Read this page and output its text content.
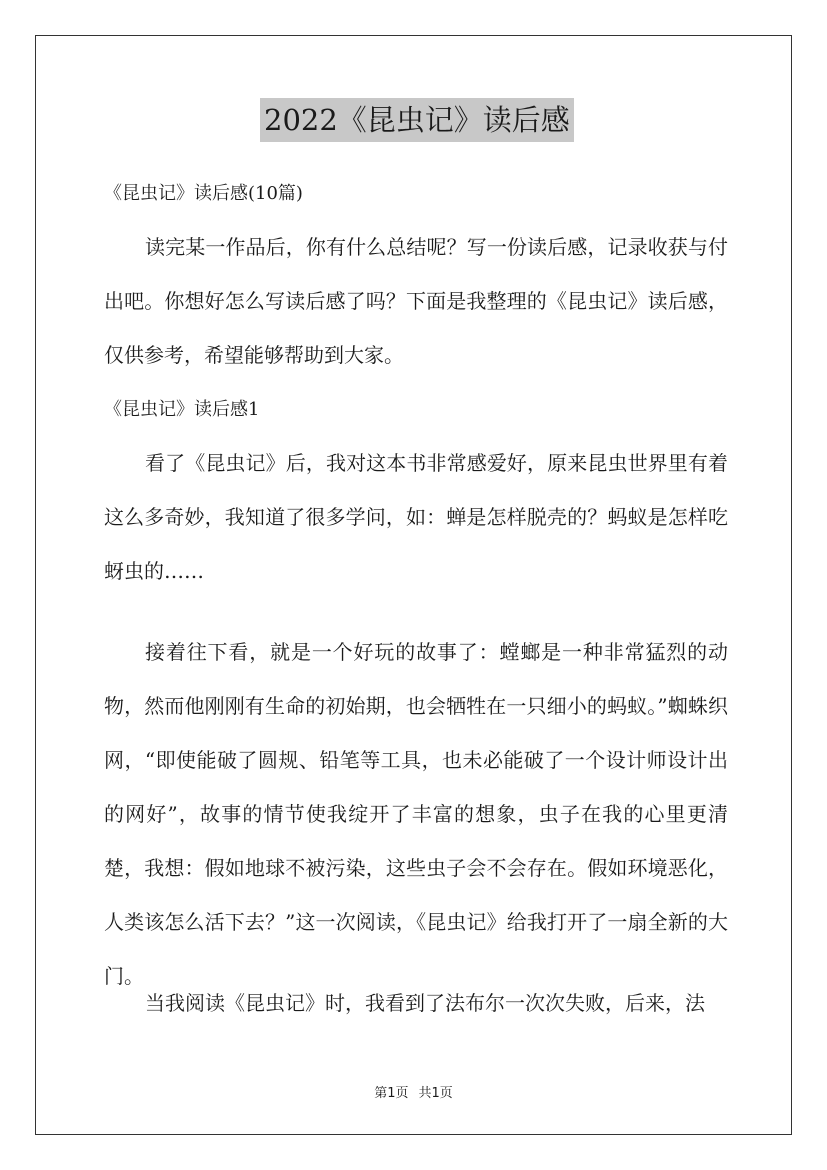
2022《昆虫记》读后感
《昆虫记》读后感(10篇)

读完某一作品后，你有什么总结呢？写一份读后感，记录收获与付出吧。你想好怎么写读后感了吗？下面是我整理的《昆虫记》读后感，仅供参考，希望能够帮助到大家。

《昆虫记》读后感1

看了《昆虫记》后，我对这本书非常感爱好，原来昆虫世界里有着这么多奇妙，我知道了很多学问，如：蝉是怎样脱壳的？蚂蚁是怎样吃蚜虫的……

接着往下看，就是一个好玩的故事了：螳螂是一种非常猛烈的动物，然而他刚刚有生命的初始期，也会牺牲在一只细小的蚂蚁。”蜘蛛织网，“即使能破了圆规、铅笔等工具，也未必能破了一个设计师设计出的网好”，故事的情节使我绽开了丰富的想象，虫子在我的心里更清楚，我想：假如地球不被污染，这些虫子会不会存在。假如环境恶化，人类该怎么活下去？”这一次阅读，《昆虫记》给我打开了一扇全新的大门。

当我阅读《昆虫记》时，我看到了法布尔一次次失败，后来，法

第1页 共1页
